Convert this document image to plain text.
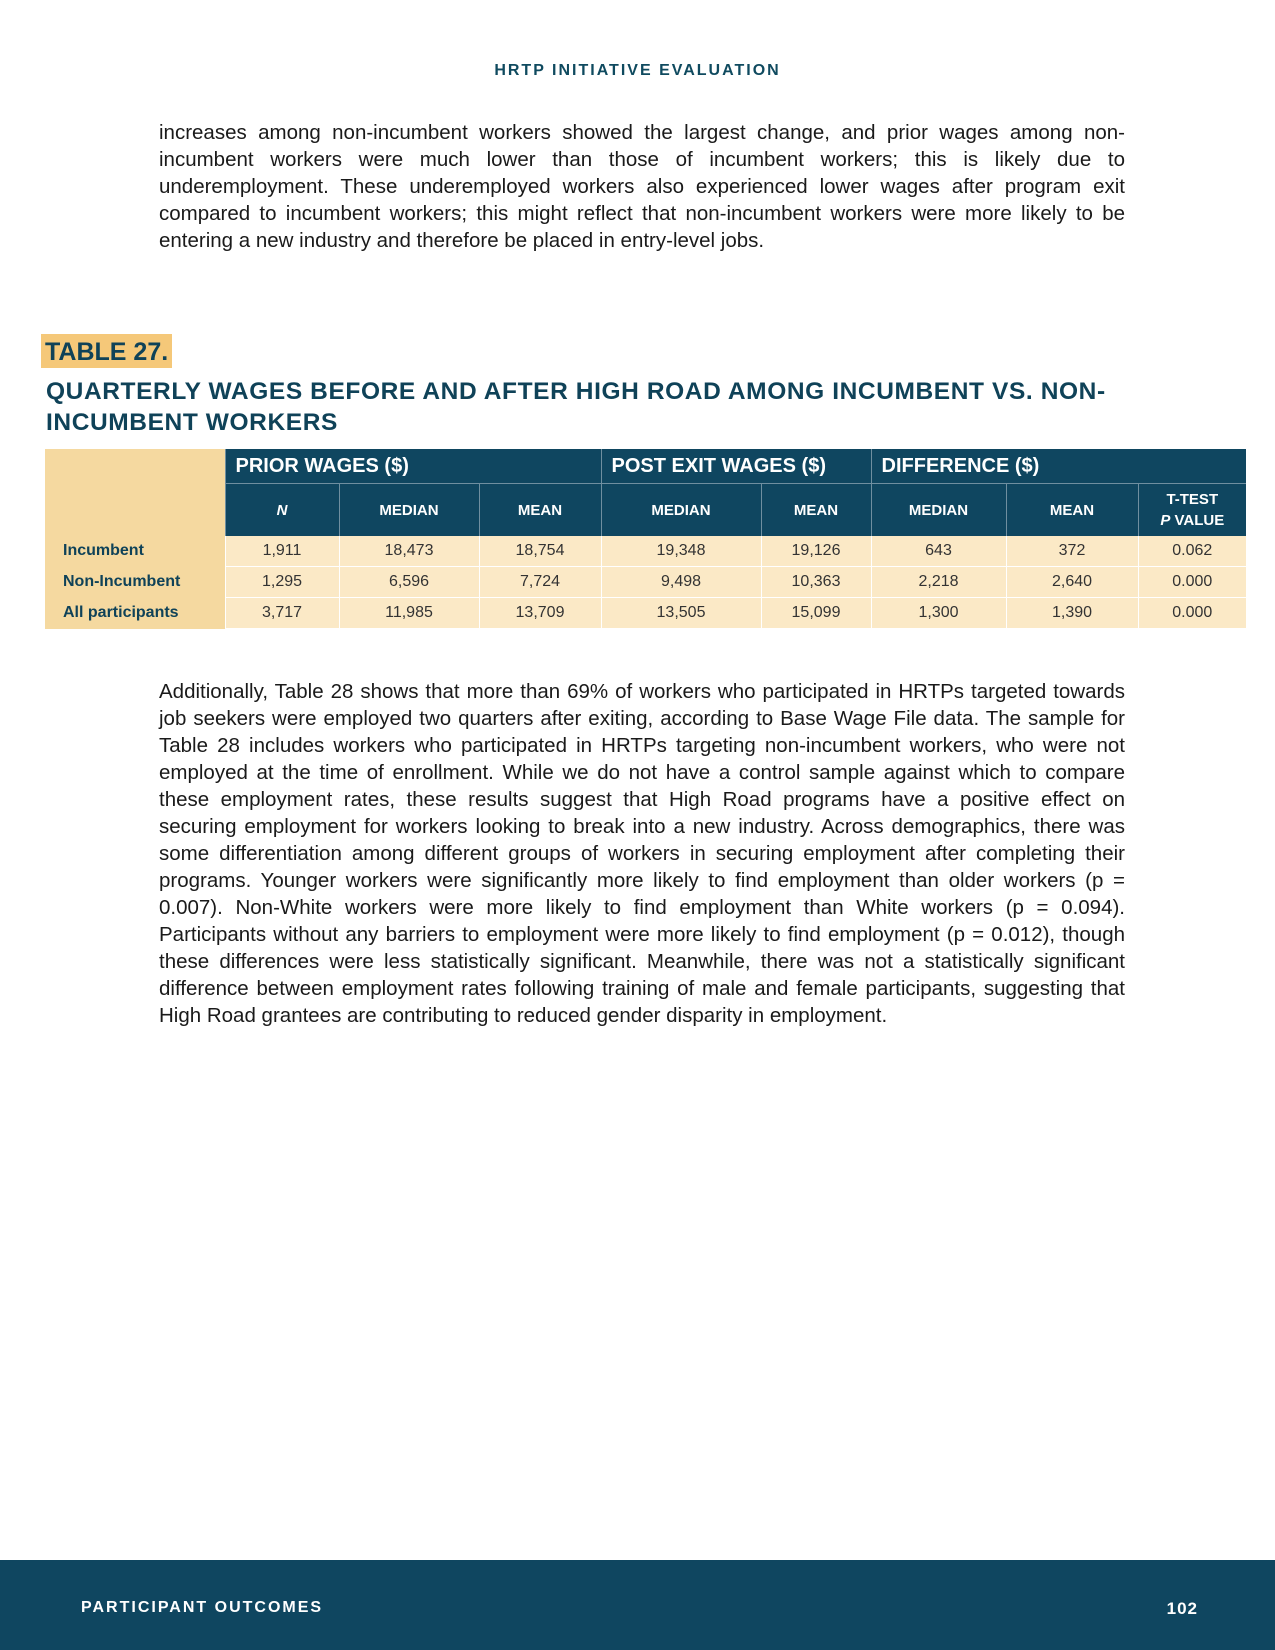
HRTP INITIATIVE EVALUATION

increases among non-incumbent workers showed the largest change, and prior wages among non-incumbent workers were much lower than those of incumbent workers; this is likely due to underemployment. These underemployed workers also experienced lower wages after program exit compared to incumbent workers; this might reflect that non-incumbent workers were more likely to be entering a new industry and therefore be placed in entry-level jobs.

TABLE 27.
QUARTERLY WAGES BEFORE AND AFTER HIGH ROAD AMONG INCUMBENT VS. NON-INCUMBENT WORKERS
	PRIOR WAGES ($)			POST EXIT WAGES ($)		DIFFERENCE ($)		
	N	MEDIAN	MEAN	MEDIAN	MEAN	MEDIAN	MEAN	T-TEST
P VALUE
Incumbent	1,911	18,473	18,754	19,348	19,126	643	372	0.062
Non-Incumbent	1,295	6,596	7,724	9,498	10,363	2,218	2,640	0.000
All participants	3,717	11,985	13,709	13,505	15,099	1,300	1,390	0.000

Additionally, Table 28 shows that more than 69% of workers who participated in HRTPs targeted towards job seekers were employed two quarters after exiting, according to Base Wage File data. The sample for Table 28 includes workers who participated in HRTPs targeting non-incumbent workers, who were not employed at the time of enrollment. While we do not have a control sample against which to compare these employment rates, these results suggest that High Road programs have a positive effect on securing employment for workers looking to break into a new industry. Across demographics, there was some differentiation among different groups of workers in securing employment after completing their programs. Younger workers were significantly more likely to find employment than older workers (p = 0.007). Non-White workers were more likely to find employment than White workers (p = 0.094). Participants without any barriers to employment were more likely to find employment (p = 0.012), though these differences were less statistically significant. Meanwhile, there was not a statistically significant difference between employment rates following training of male and female participants, suggesting that High Road grantees are contributing to reduced gender disparity in employment.

PARTICIPANT OUTCOMES	102
